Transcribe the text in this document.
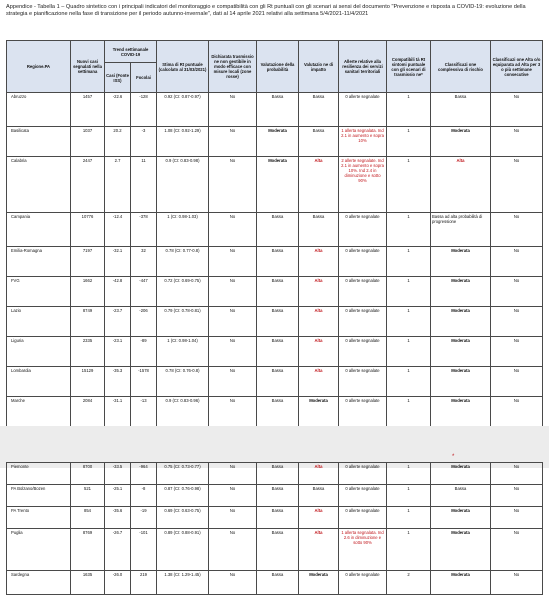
Appendice - Tabella 1 – Quadro sintetico con i principali indicatori del monitoraggio e compatibilità con gli Rt puntuali con gli scenari ai sensi del documento "Prevenzione e risposta a COVID-19: evoluzione della strategia e pianificazione nella fase di transizione per il periodo autunno-invernale", dati al 14 aprile 2021 relativi alla settimana 5/4/2021-11/4/2021
Regione.PA	Nuovi casi segnalati nella settimana	Trend settimanale COVID-19		Stima di Rt puntuale (calcolato al 31/03/2021)	Dichiarata trasmissio ne non gestibile in modo efficace con misure locali (zone rosse)	Valutazione della probabilità	Valutazio ne di impatto	Allerte relative alla resilienza dei servizi sanitari territoriali	Compatibili tà Rt sintomi puntuale con gli scenari di trasmissio ne*	Classificazi one complessiva di rischio	Classificazi one Alta o/o equiparata ad Alta per 3 o più settimane consecutive
		Casi (Fonte ISS)	Focolai								
Abruzzo	1457	-22.6	-128	0.92 (CI: 0.87-0.97)	No	Bassa	Bassa	0 allerte segnalate	1	Bassa	No
Basilicata	1037	20.2	-3	1.08 (CI: 0.92-1.29)	No	Moderata	Bassa	1 allerta segnalata. Ind 2.1 in aumento e sopra 10%	1	Moderata	No
Calabria	2447	2.7	11	0.9 (CI: 0.83-0.98)	No	Moderata	Alta	2 allerte segnalate. Ind 2.1 in aumento e sopra 10%. Ind 2.4 in diminuzione e sotto 90%	1	Alta	No
Campania	10776	-12.4	-378	1 (CI: 0.98-1.03)	No	Bassa	Bassa	0 allerte segnalate	1	Bassa ad alta probabilità di progressione	No
Emilia-Romagna	7197	-32.1	32	0.78 (CI: 0.77-0.8)	No	Bassa	Alta	0 allerte segnalate	1	Moderata	No
FVG	1662	-42.8	-447	0.72 (CI: 0.69-0.75)	No	Bassa	Alta	0 allerte segnalate	1	Moderata	No
Lazio	8749	-23.7	-206	0.79 (CI: 0.78-0.81)	No	Bassa	Alta	0 allerte segnalate	1	Moderata	No
Liguria	2335	-23.1	-89	1 (CI: 0.98-1.04)	No	Bassa	Alta	0 allerte segnalate	1	Moderata	No
Lombardia	15129	-35.3	-1578	0.78 (CI: 0.76-0.8)	No	Bassa	Alta	0 allerte segnalate	1	Moderata	No
Marche	2084	-31.1	-13	0.9 (CI: 0.83-0.96)	No	Bassa	Moderata	0 allerte segnalate	1	Moderata	No

*
Piemonte	8700	-33.5	-964	0.75 (CI: 0.73-0.77)	No	Bassa	Alta	0 allerte segnalate	1	Moderata	No
PA Bolzano/Bozen	521	-25.1	-8	0.87 (CI: 0.76-0.98)	No	Bassa	Bassa	0 allerte segnalate	1	Bassa	No
PA Trento	854	-35.6	-19	0.69 (CI: 0.63-0.75)	No	Bassa	Alta	0 allerte segnalate	1	Moderata	No
Puglia	8769	-26.7	-101	0.89 (CI: 0.88-0.91)	No	Bassa	Alta	1 allerta segnalata. Ind 2.6 in diminuzione e sotto 90%	1	Moderata	No
Sardegna	1635	-26.0	219	1.38 (CI: 1.29-1.45)	No	Bassa	Moderata	0 allerte segnalate	2	Moderata	No
